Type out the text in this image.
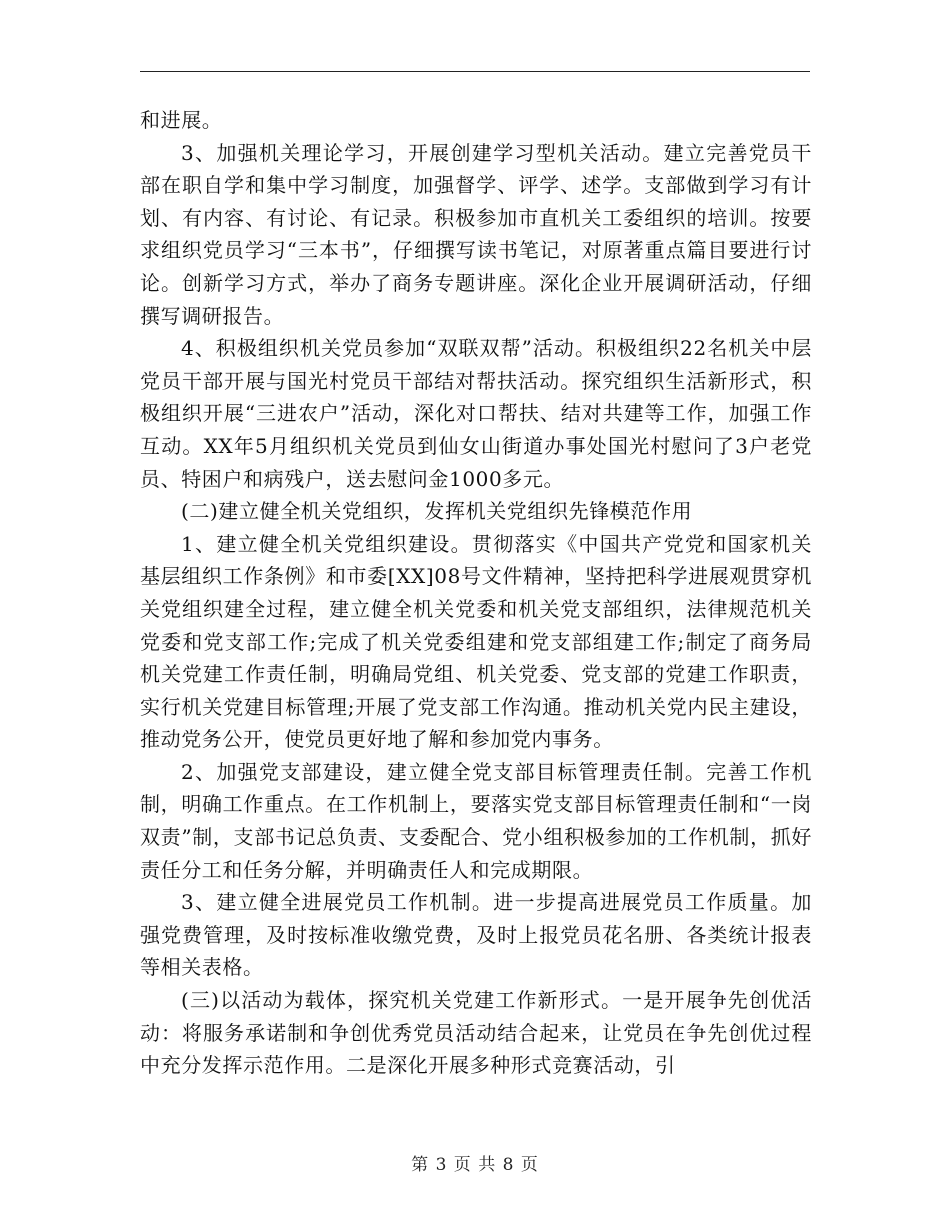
和进展。

3、加强机关理论学习，开展创建学习型机关活动。建立完善党员干部在职自学和集中学习制度，加强督学、评学、述学。支部做到学习有计划、有内容、有讨论、有记录。积极参加市直机关工委组织的培训。按要求组织党员学习“三本书”，仔细撰写读书笔记，对原著重点篇目要进行讨论。创新学习方式，举办了商务专题讲座。深化企业开展调研活动，仔细撰写调研报告。

4、积极组织机关党员参加“双联双帮”活动。积极组织22名机关中层党员干部开展与国光村党员干部结对帮扶活动。探究组织生活新形式，积极组织开展“三进农户”活动，深化对口帮扶、结对共建等工作，加强工作互动。XX年5月组织机关党员到仙女山街道办事处国光村慰问了3户老党员、特困户和病残户，送去慰问金1000多元。

(二)建立健全机关党组织，发挥机关党组织先锋模范作用

1、建立健全机关党组织建设。贯彻落实《中国共产党党和国家机关基层组织工作条例》和市委[XX]08号文件精神，坚持把科学进展观贯穿机关党组织建全过程，建立健全机关党委和机关党支部组织，法律规范机关党委和党支部工作;完成了机关党委组建和党支部组建工作;制定了商务局机关党建工作责任制，明确局党组、机关党委、党支部的党建工作职责，实行机关党建目标管理;开展了党支部工作沟通。推动机关党内民主建设，推动党务公开，使党员更好地了解和参加党内事务。

2、加强党支部建设，建立健全党支部目标管理责任制。完善工作机制，明确工作重点。在工作机制上，要落实党支部目标管理责任制和“一岗双责”制，支部书记总负责、支委配合、党小组积极参加的工作机制，抓好责任分工和任务分解，并明确责任人和完成期限。

3、建立健全进展党员工作机制。进一步提高进展党员工作质量。加强党费管理，及时按标准收缴党费，及时上报党员花名册、各类统计报表等相关表格。

(三)以活动为载体，探究机关党建工作新形式。一是开展争先创优活动：将服务承诺制和争创优秀党员活动结合起来，让党员在争先创优过程中充分发挥示范作用。二是深化开展多种形式竞赛活动，引

第 3 页 共 8 页
